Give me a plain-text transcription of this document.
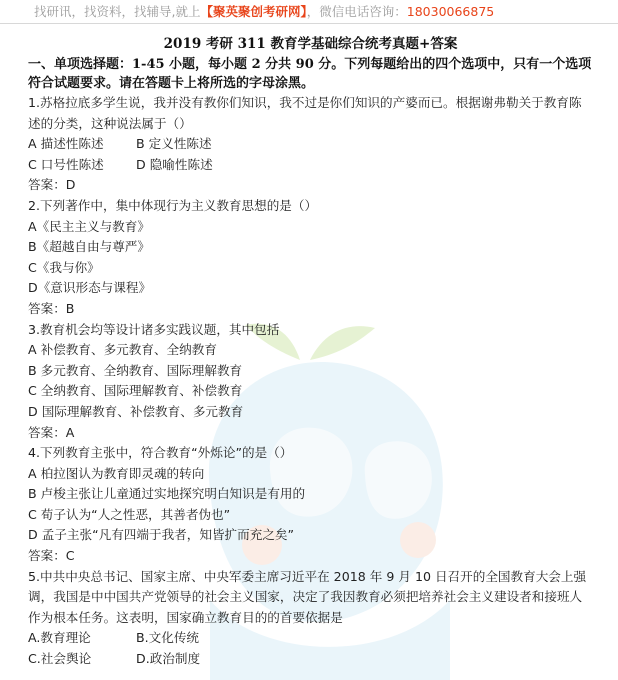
找研讯，找资料，找辅导,就上【聚英聚创考研网】，微信电话咨询：18030066875
2019 考研 311 教育学基础综合统考真题+答案
一、单项选择题：1-45 小题，每小题 2 分共 90 分。下列每题给出的四个选项中，只有一个选项符合试题要求。请在答题卡上将所选的字母涂黑。
1.苏格拉底多学生说，我并没有教你们知识，我不过是你们知识的产婆而已。根据谢弗勒关于教育陈述的分类，这种说法属于（）
A 描述性陈述	B 定义性陈述
C 口号性陈述	D 隐喻性陈述
答案：D
2.下列著作中，集中体现行为主义教育思想的是（）
A《民主主义与教育》
B《超越自由与尊严》
C《我与你》
D《意识形态与课程》
答案：B
3.教育机会均等设计诸多实践议题，其中包括
A 补偿教育、多元教育、全纳教育
B 多元教育、全纳教育、国际理解教育
C 全纳教育、国际理解教育、补偿教育
D 国际理解教育、补偿教育、多元教育
答案：A
4.下列教育主张中，符合教育“外烁论”的是（）
A 柏拉图认为教育即灵魂的转向
B 卢梭主张让儿童通过实地探究明白知识是有用的
C 荀子认为“人之性恶，其善者伪也”
D 孟子主张“凡有四端于我者，知皆扩而充之矣”
答案：C
5.中共中央总书记、国家主席、中央军委主席习近平在 2018 年 9 月 10 日召开的全国教育大会上强调，我国是中中国共产党领导的社会主义国家，决定了我因教育必须把培养社会主义建设者和接班人作为根本任务。这表明，国家确立教育目的的首要依据是
A.教育理论	B.文化传统
C.社会舆论	D.政治制度
